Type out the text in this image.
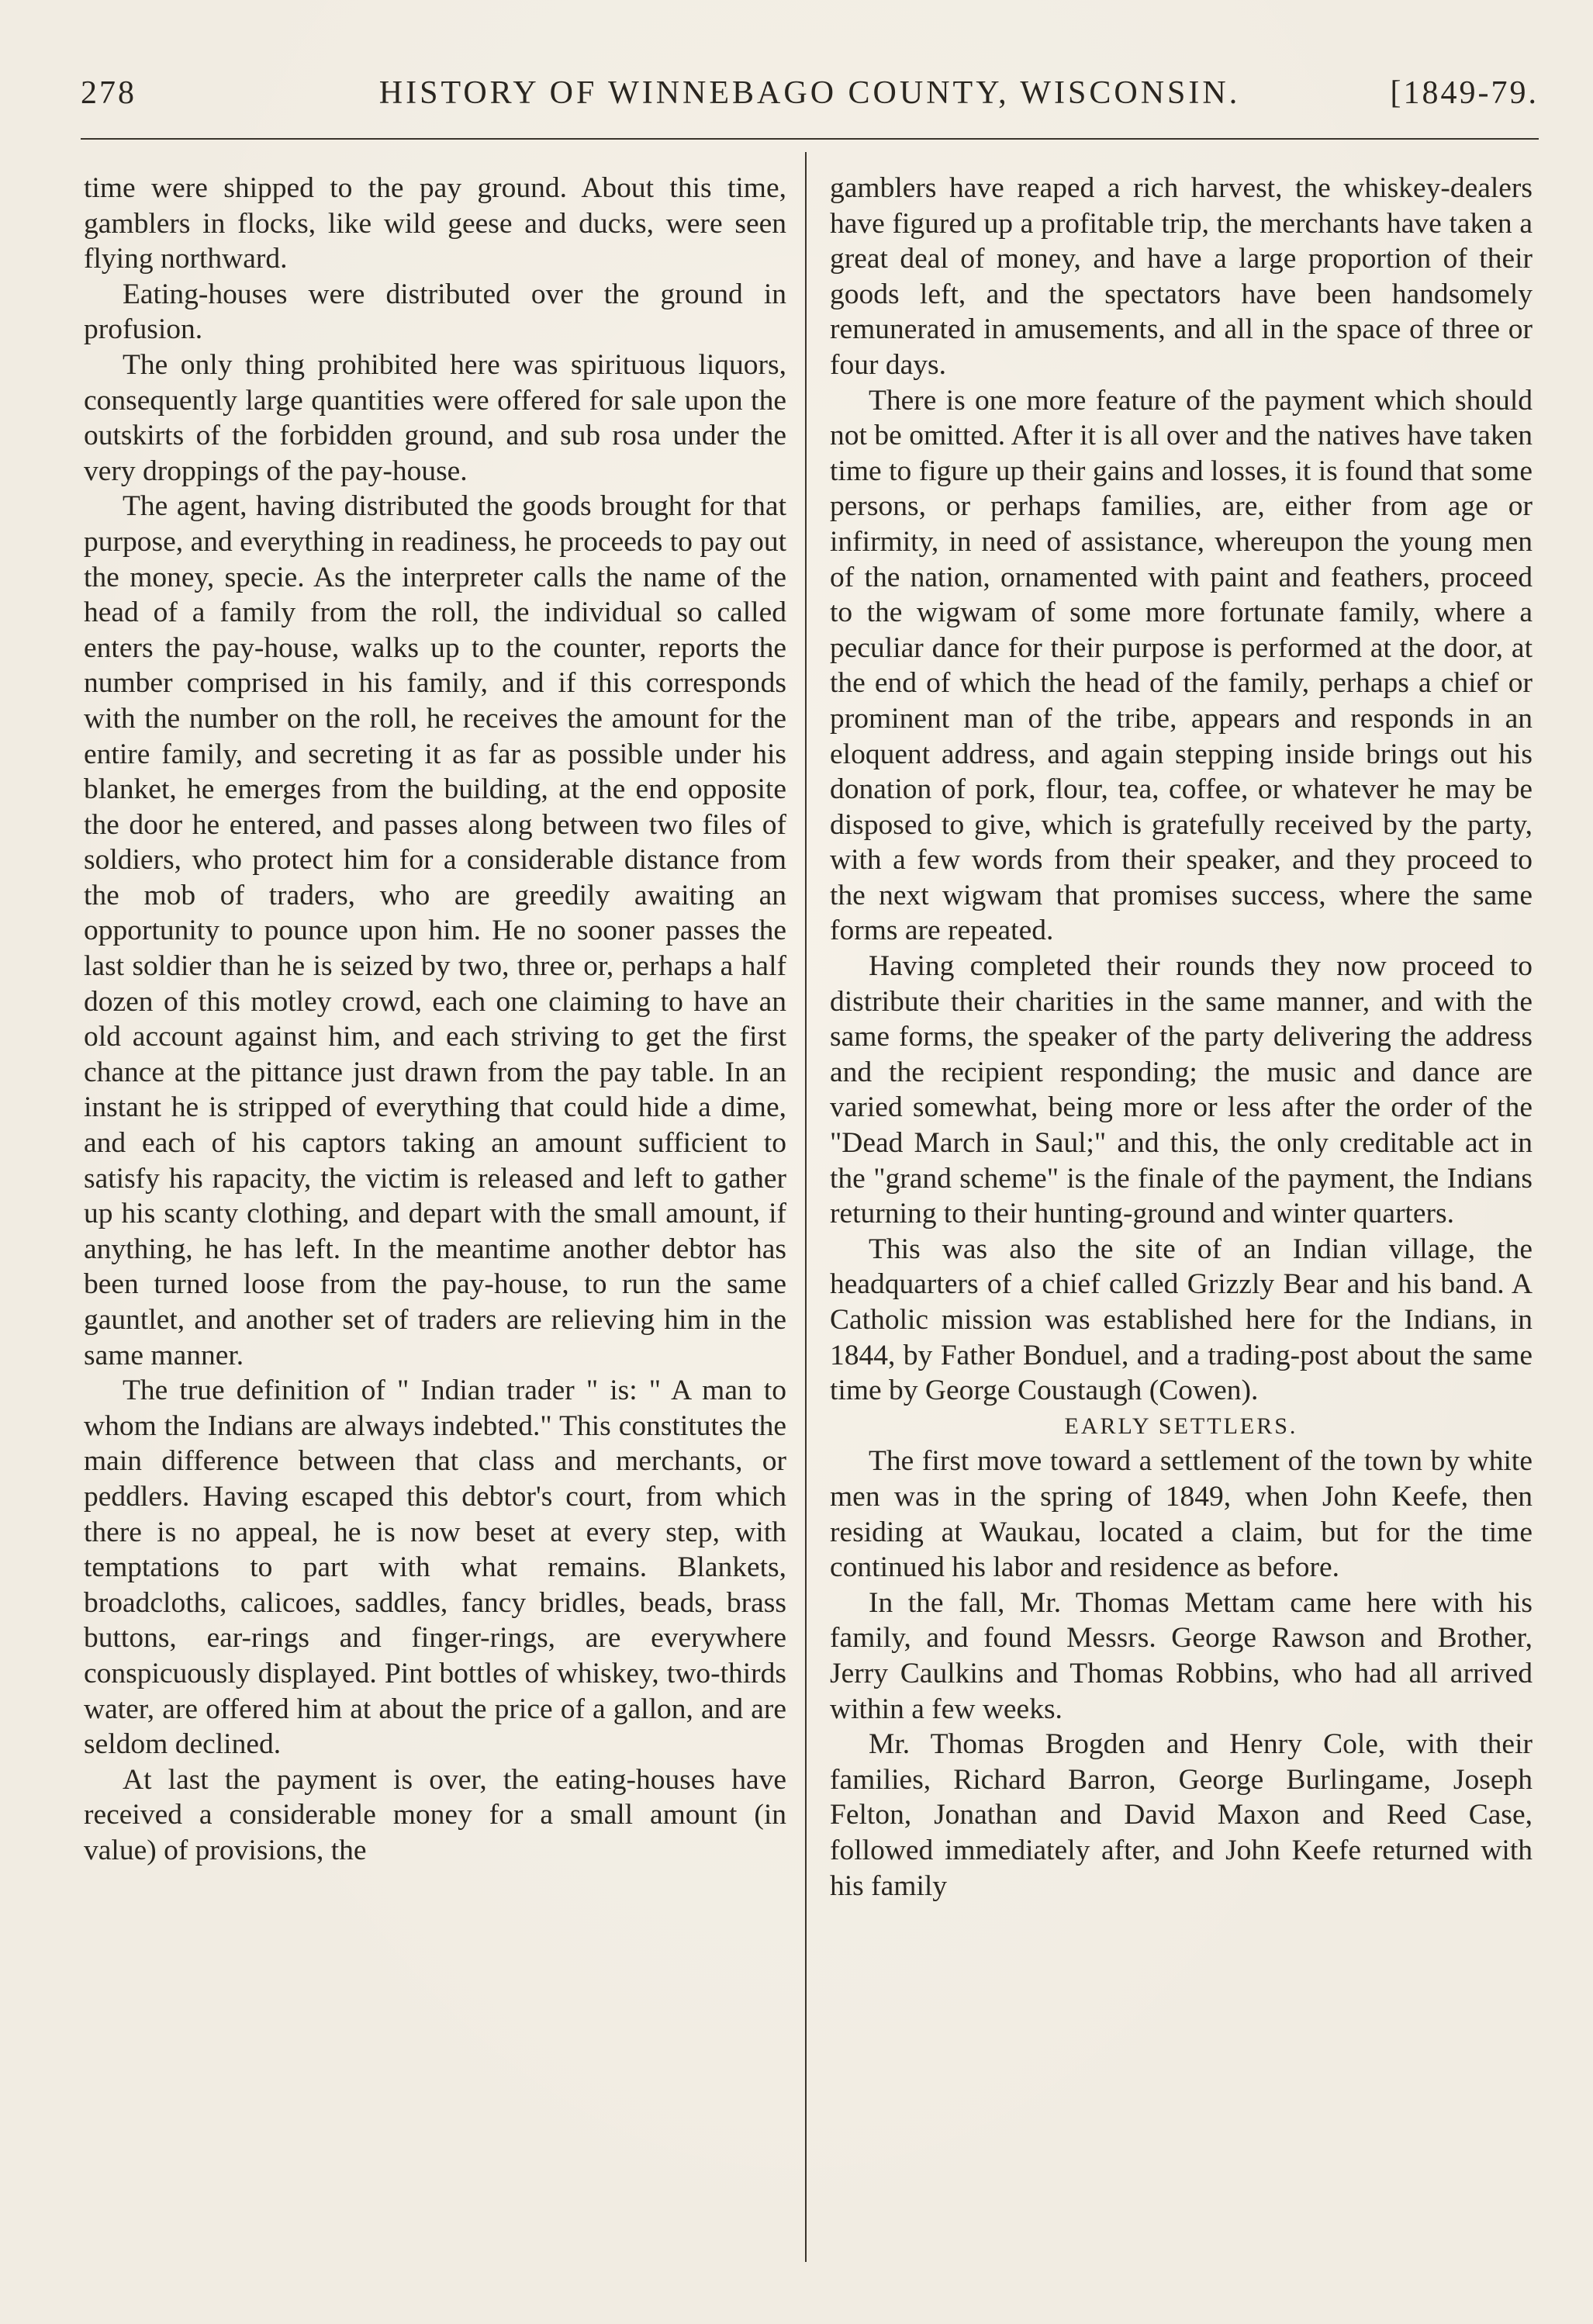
278	HISTORY OF WINNEBAGO COUNTY, WISCONSIN.	[1849-79.

time were shipped to the pay ground. About this time, gamblers in flocks, like wild geese and ducks, were seen flying northward.

Eating-houses were distributed over the ground in profusion.

The only thing prohibited here was spirituous liquors, consequently large quantities were offered for sale upon the outskirts of the forbidden ground, and sub rosa under the very droppings of the pay-house.

The agent, having distributed the goods brought for that purpose, and everything in readiness, he proceeds to pay out the money, specie. As the interpreter calls the name of the head of a family from the roll, the individual so called enters the pay-house, walks up to the counter, reports the number comprised in his family, and if this corresponds with the number on the roll, he receives the amount for the entire family, and secreting it as far as possible under his blanket, he emerges from the building, at the end opposite the door he entered, and passes along between two files of soldiers, who protect him for a considerable distance from the mob of traders, who are greedily awaiting an opportunity to pounce upon him. He no sooner passes the last soldier than he is seized by two, three or, perhaps a half dozen of this motley crowd, each one claiming to have an old account against him, and each striving to get the first chance at the pittance just drawn from the pay table. In an instant he is stripped of everything that could hide a dime, and each of his captors taking an amount sufficient to satisfy his rapacity, the victim is released and left to gather up his scanty clothing, and depart with the small amount, if anything, he has left. In the meantime another debtor has been turned loose from the pay-house, to run the same gauntlet, and another set of traders are relieving him in the same manner.

The true definition of " Indian trader " is: " A man to whom the Indians are always indebted." This constitutes the main difference between that class and merchants, or peddlers. Having escaped this debtor's court, from which there is no appeal, he is now beset at every step, with temptations to part with what remains. Blankets, broadcloths, calicoes, saddles, fancy bridles, beads, brass buttons, ear-rings and finger-rings, are everywhere conspicuously displayed. Pint bottles of whiskey, two-thirds water, are offered him at about the price of a gallon, and are seldom declined.

At last the payment is over, the eating-houses have received a considerable money for a small amount (in value) of provisions, the

gamblers have reaped a rich harvest, the whiskey-dealers have figured up a profitable trip, the merchants have taken a great deal of money, and have a large proportion of their goods left, and the spectators have been handsomely remunerated in amusements, and all in the space of three or four days.

There is one more feature of the payment which should not be omitted. After it is all over and the natives have taken time to figure up their gains and losses, it is found that some persons, or perhaps families, are, either from age or infirmity, in need of assistance, whereupon the young men of the nation, ornamented with paint and feathers, proceed to the wigwam of some more fortunate family, where a peculiar dance for their purpose is performed at the door, at the end of which the head of the family, perhaps a chief or prominent man of the tribe, appears and responds in an eloquent address, and again stepping inside brings out his donation of pork, flour, tea, coffee, or whatever he may be disposed to give, which is gratefully received by the party, with a few words from their speaker, and they proceed to the next wigwam that promises success, where the same forms are repeated.

Having completed their rounds they now proceed to distribute their charities in the same manner, and with the same forms, the speaker of the party delivering the address and the recipient responding; the music and dance are varied somewhat, being more or less after the order of the "Dead March in Saul;" and this, the only creditable act in the "grand scheme" is the finale of the payment, the Indians returning to their hunting-ground and winter quarters.

This was also the site of an Indian village, the headquarters of a chief called Grizzly Bear and his band. A Catholic mission was established here for the Indians, in 1844, by Father Bonduel, and a trading-post about the same time by George Coustaugh (Cowen).

EARLY SETTLERS.

The first move toward a settlement of the town by white men was in the spring of 1849, when John Keefe, then residing at Waukau, located a claim, but for the time continued his labor and residence as before.

In the fall, Mr. Thomas Mettam came here with his family, and found Messrs. George Rawson and Brother, Jerry Caulkins and Thomas Robbins, who had all arrived within a few weeks.

Mr. Thomas Brogden and Henry Cole, with their families, Richard Barron, George Burlingame, Joseph Felton, Jonathan and David Maxon and Reed Case, followed immediately after, and John Keefe returned with his family
